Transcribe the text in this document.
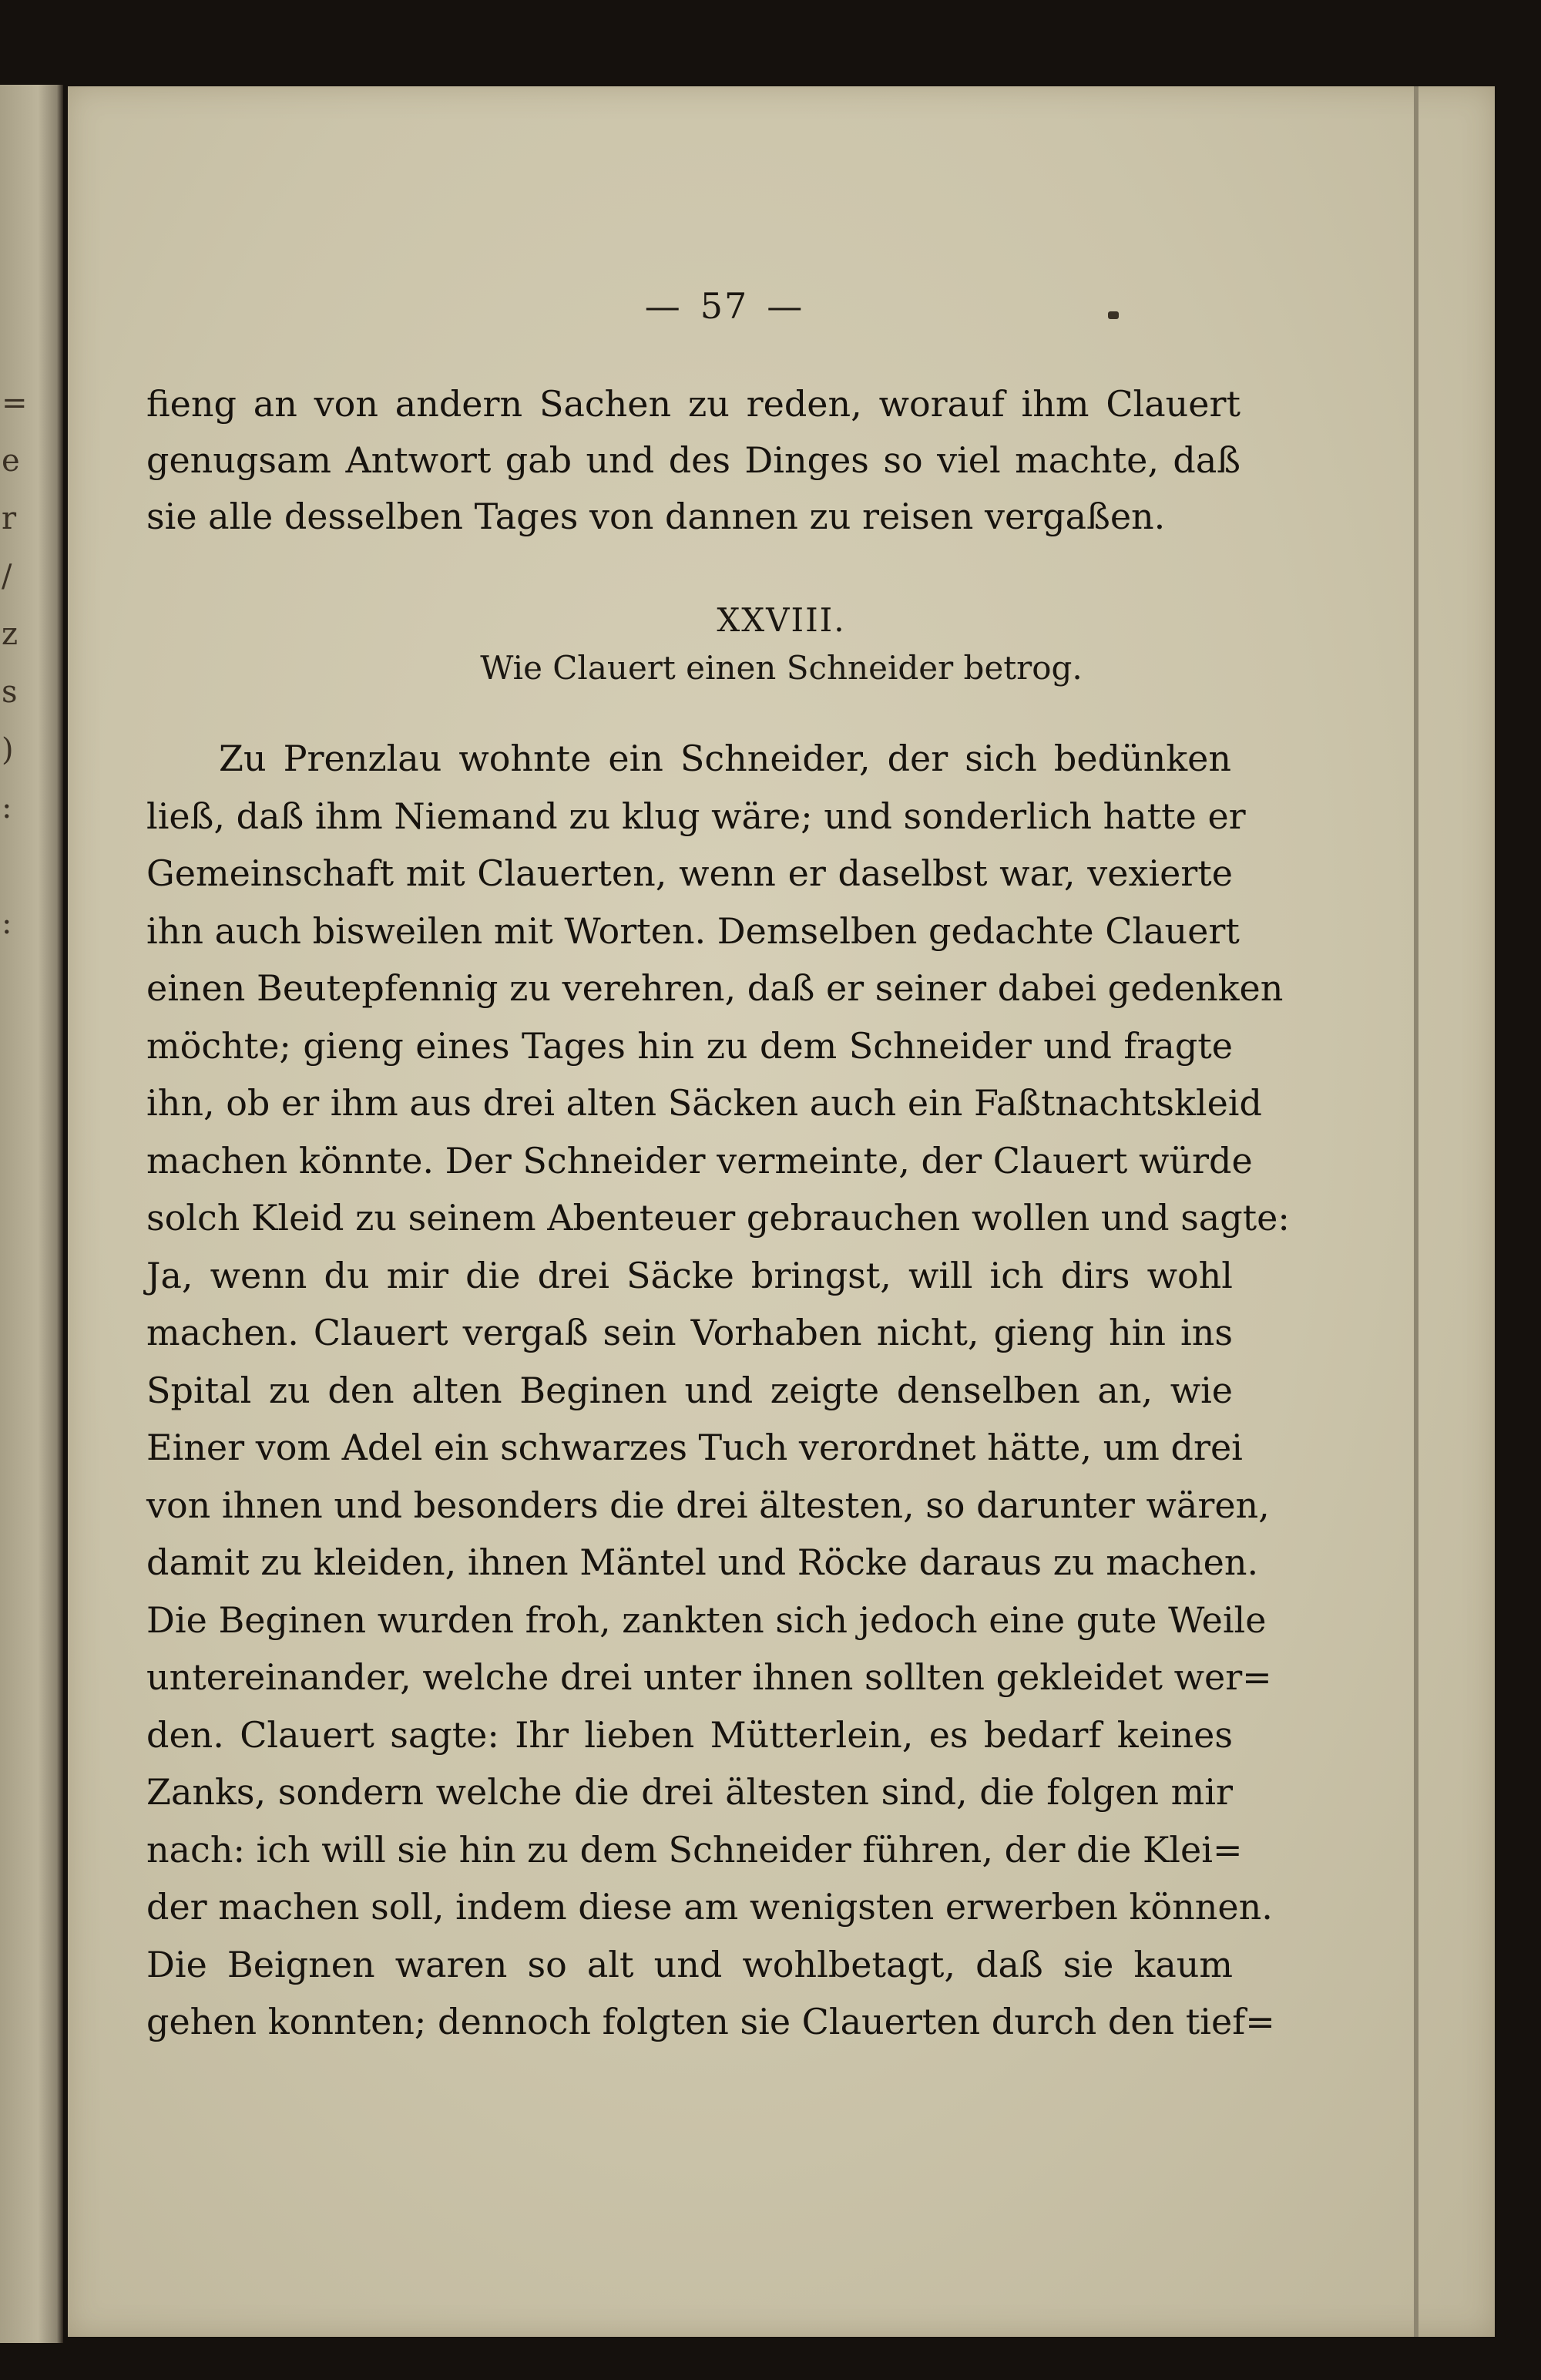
=
e
r
/
z
s
)
:
:
— 57 —
fieng an von andern Sachen zu reden, worauf ihm Clauert
genugsam Antwort gab und des Dinges so viel machte, daß
sie alle desselben Tages von dannen zu reisen vergaßen.
XXVIII.
Wie Clauert einen Schneider betrog.
Zu Prenzlau wohnte ein Schneider, der sich bedünken
ließ, daß ihm Niemand zu klug wäre; und sonderlich hatte er
Gemeinschaft mit Clauerten, wenn er daselbst war, vexierte
ihn auch bisweilen mit Worten. Demselben gedachte Clauert
einen Beutepfennig zu verehren, daß er seiner dabei gedenken
möchte; gieng eines Tages hin zu dem Schneider und fragte
ihn, ob er ihm aus drei alten Säcken auch ein Faßtnachtskleid
machen könnte. Der Schneider vermeinte, der Clauert würde
solch Kleid zu seinem Abenteuer gebrauchen wollen und sagte:
Ja, wenn du mir die drei Säcke bringst, will ich dirs wohl
machen. Clauert vergaß sein Vorhaben nicht, gieng hin ins
Spital zu den alten Beginen und zeigte denselben an, wie
Einer vom Adel ein schwarzes Tuch verordnet hätte, um drei
von ihnen und besonders die drei ältesten, so darunter wären,
damit zu kleiden, ihnen Mäntel und Röcke daraus zu machen.
Die Beginen wurden froh, zankten sich jedoch eine gute Weile
untereinander, welche drei unter ihnen sollten gekleidet wer=
den. Clauert sagte: Ihr lieben Mütterlein, es bedarf keines
Zanks, sondern welche die drei ältesten sind, die folgen mir
nach: ich will sie hin zu dem Schneider führen, der die Klei=
der machen soll, indem diese am wenigsten erwerben können.
Die Beignen waren so alt und wohlbetagt, daß sie kaum
gehen konnten; dennoch folgten sie Clauerten durch den tief=
